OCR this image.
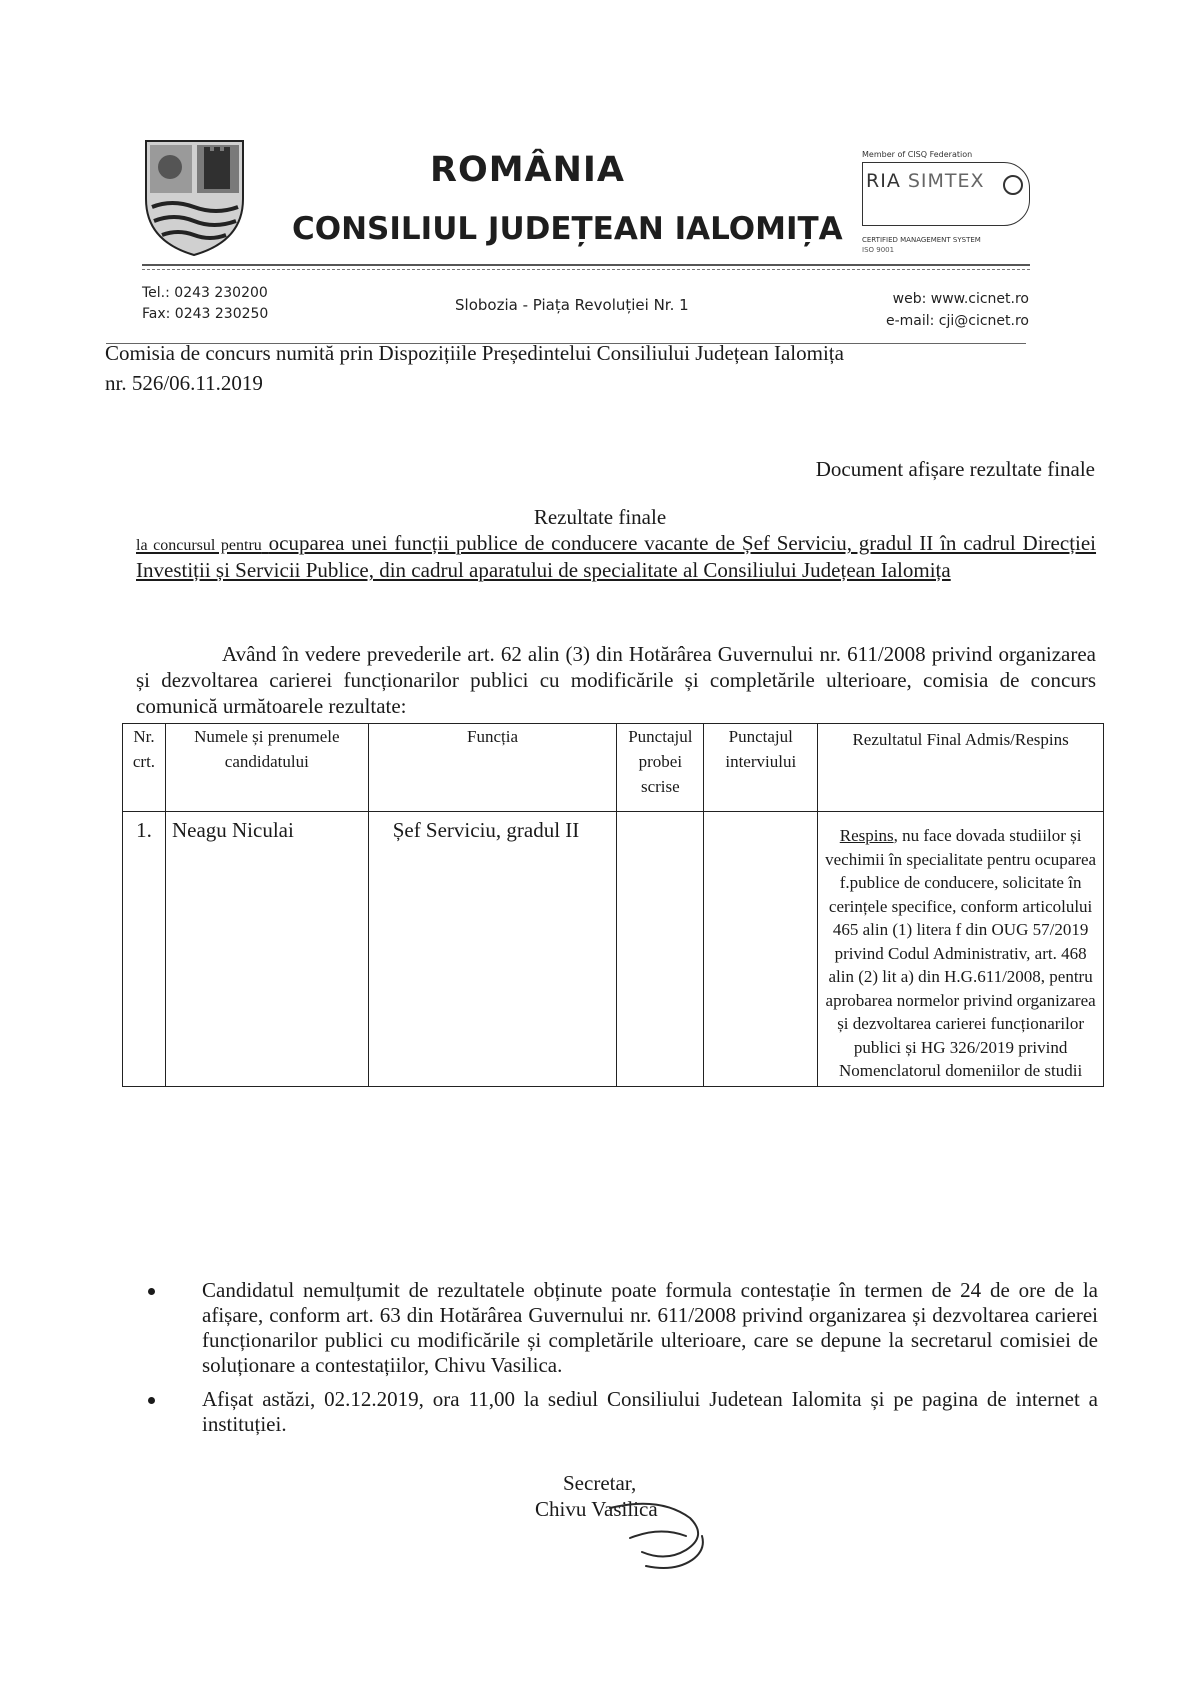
ROMÂNIA
CONSILIUL JUDEȚEAN IALOMIȚA
Member of CISQ Federation
RIA SIMTEX
CERTIFIED MANAGEMENT SYSTEM
ISO 9001
Tel.: 0243 230200
Fax: 0243 230250	Slobozia - Piața Revoluției Nr. 1	web: www.cicnet.ro
e-mail: cji@cicnet.ro
Comisia de concurs numită prin Dispozițiile Președintelui Consiliului Județean Ialomița nr. 526/06.11.2019
Document afișare rezultate finale
Rezultate finale
la concursul pentru ocuparea unei funcții publice de conducere vacante de Șef Serviciu, gradul II în cadrul Direcției Investiții și Servicii Publice, din cadrul aparatului de specialitate al Consiliului Județean Ialomița
Având în vedere prevederile art. 62 alin (3) din Hotărârea Guvernului nr. 611/2008 privind organizarea și dezvoltarea carierei funcționarilor publici cu modificările și completările ulterioare, comisia de concurs comunică următoarele rezultate:
Nr. crt.	Numele și prenumele candidatului	Funcția	Punctajul probei scrise	Punctajul interviului	Rezultatul Final Admis/Respins
1.	Neagu Niculai	Șef Serviciu, gradul II			Respins, nu face dovada studiilor și vechimii în specialitate pentru ocuparea f.publice de conducere, solicitate în cerințele specifice, conform articolului 465 alin (1) litera f din OUG 57/2019 privind Codul Administrativ, art. 468 alin (2) lit a) din H.G.611/2008, pentru aprobarea normelor privind organizarea și dezvoltarea carierei funcționarilor publici și HG 326/2019 privind Nomenclatorul domeniilor de studii
Candidatul nemulțumit de rezultatele obținute poate formula contestație în termen de 24 de ore de la afișare, conform art. 63 din Hotărârea Guvernului nr. 611/2008 privind organizarea și dezvoltarea carierei funcționarilor publici cu modificările și completările ulterioare, care se depune la secretarul comisiei de soluționare a contestațiilor, Chivu Vasilica.
Afișat astăzi, 02.12.2019, ora 11,00 la sediul Consiliului Judetean Ialomita și pe pagina de internet a instituției.
Secretar,
Chivu Vasilica
